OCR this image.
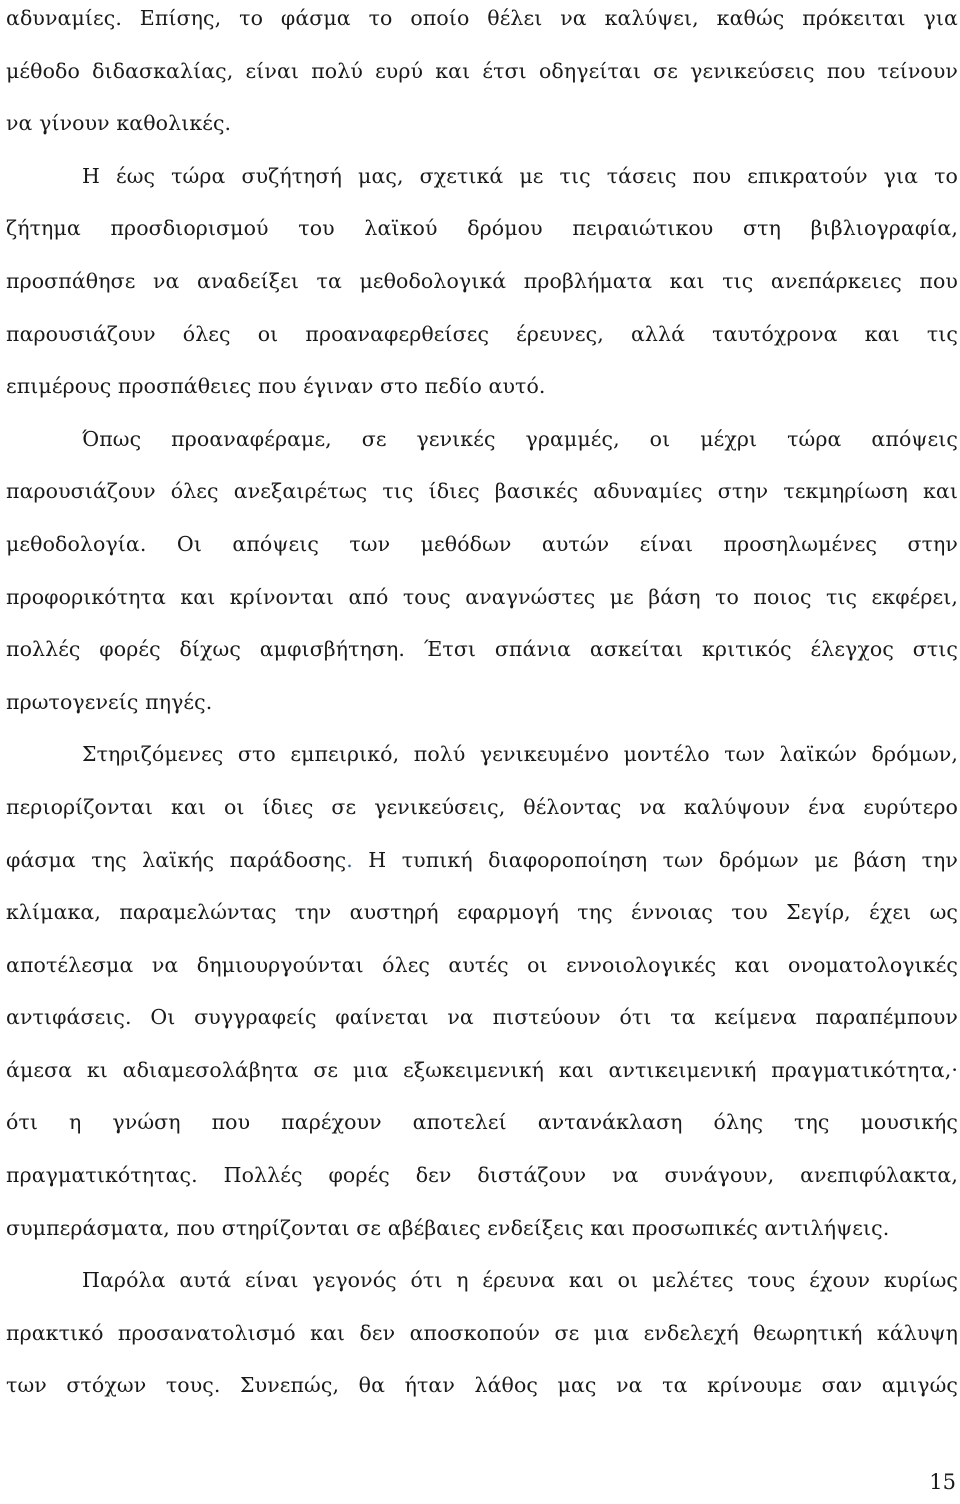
αδυναμίες. Επίσης, το φάσμα το οποίο θέλει να καλύψει, καθώς πρόκειται για
μέθοδο διδασκαλίας, είναι πολύ ευρύ και έτσι οδηγείται σε γενικεύσεις που τείνουν
να γίνουν καθολικές.
Η έως τώρα συζήτησή μας, σχετικά με τις τάσεις που επικρατούν για το
ζήτημα προσδιορισμού του λαϊκού δρόμου πειραιώτικου στη βιβλιογραφία,
προσπάθησε να αναδείξει τα μεθοδολογικά προβλήματα και τις ανεπάρκειες που
παρουσιάζουν όλες οι προαναφερθείσες έρευνες, αλλά ταυτόχρονα και τις
επιμέρους προσπάθειες που έγιναν στο πεδίο αυτό.
Όπως προαναφέραμε, σε γενικές γραμμές, οι μέχρι τώρα απόψεις
παρουσιάζουν όλες ανεξαιρέτως τις ίδιες βασικές αδυναμίες στην τεκμηρίωση και
μεθοδολογία. Οι απόψεις των μεθόδων αυτών είναι προσηλωμένες στην
προφορικότητα και κρίνονται από τους αναγνώστες με βάση το ποιος τις εκφέρει,
πολλές φορές δίχως αμφισβήτηση. Έτσι σπάνια ασκείται κριτικός έλεγχος στις
πρωτογενείς πηγές.
Στηριζόμενες στο εμπειρικό, πολύ γενικευμένο μοντέλο των λαϊκών δρόμων,
περιορίζονται και οι ίδιες σε γενικεύσεις, θέλοντας να καλύψουν ένα ευρύτερο
φάσμα της λαϊκής παράδοσης. Η τυπική διαφοροποίηση των δρόμων με βάση την
κλίμακα, παραμελώντας την αυστηρή εφαρμογή της έννοιας του Σεγίρ, έχει ως
αποτέλεσμα να δημιουργούνται όλες αυτές οι εννοιολογικές και ονοματολογικές
αντιφάσεις. Οι συγγραφείς φαίνεται να πιστεύουν ότι τα κείμενα παραπέμπουν
άμεσα κι αδιαμεσολάβητα σε μια εξωκειμενική και αντικειμενική πραγματικότητα,·
ότι η γνώση που παρέχουν αποτελεί αντανάκλαση όλης της μουσικής
πραγματικότητας. Πολλές φορές δεν διστάζουν να συνάγουν, ανεπιφύλακτα,
συμπεράσματα, που στηρίζονται σε αβέβαιες ενδείξεις και προσωπικές αντιλήψεις.
Παρόλα αυτά είναι γεγονός ότι η έρευνα και οι μελέτες τους έχουν κυρίως
πρακτικό προσανατολισμό και δεν αποσκοπούν σε μια ενδελεχή θεωρητική κάλυψη
των στόχων τους. Συνεπώς, θα ήταν λάθος μας να τα κρίνουμε σαν αμιγώς
15
